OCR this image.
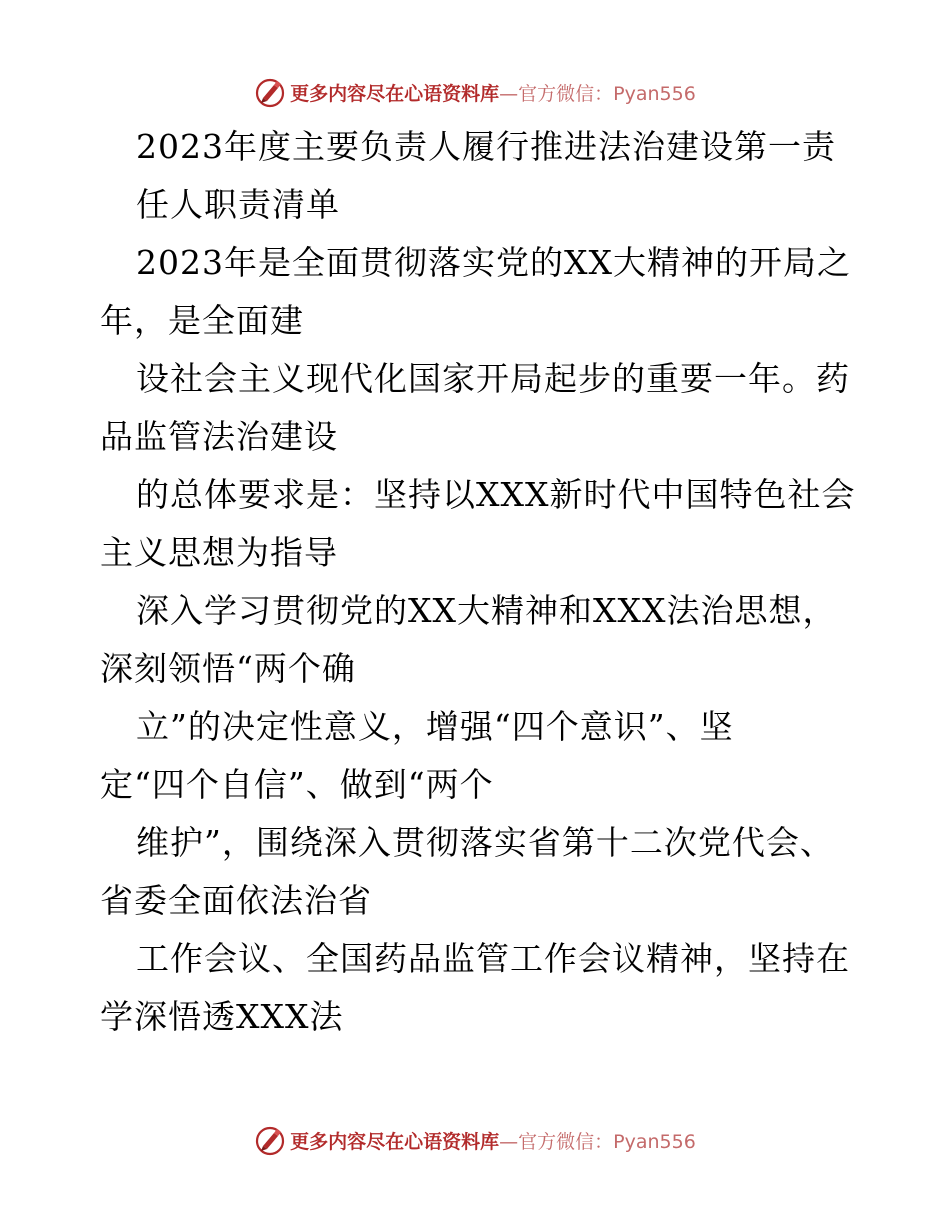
更多内容尽在心语资料库—官方微信：Pyan556
2023年度主要负责人履行推进法治建设第一责
任人职责清单
2023年是全面贯彻落实党的XX大精神的开局之
年，是全面建
设社会主义现代化国家开局起步的重要一年。药
品监管法治建设
的总体要求是：坚持以XXX新时代中国特色社会
主义思想为指导
深入学习贯彻党的XX大精神和XXX法治思想，
深刻领悟“两个确
立”的决定性意义，增强“四个意识”、坚
定“四个自信”、做到“两个
维护”，围绕深入贯彻落实省第十二次党代会、
省委全面依法治省
工作会议、全国药品监管工作会议精神，坚持在
学深悟透XXX法
更多内容尽在心语资料库—官方微信：Pyan556
